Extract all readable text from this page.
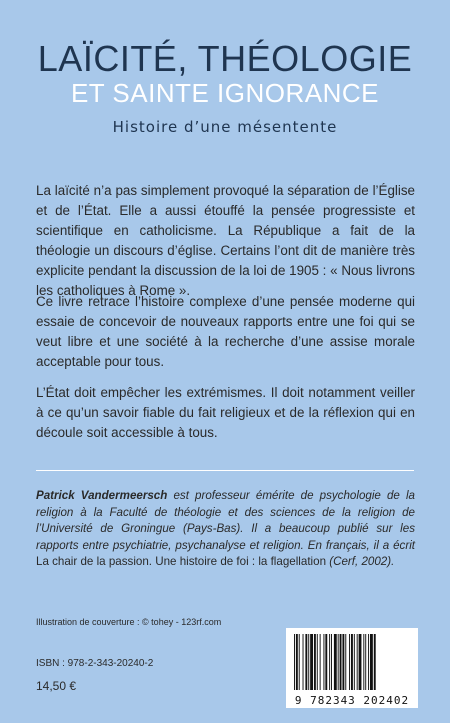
LAÏCITÉ, THÉOLOGIE
ET SAINTE IGNORANCE
Histoire d’une mésentente
La laïcité n’a pas simplement provoqué la séparation de l’Église et de l’État. Elle a aussi étouffé la pensée progressiste et scientifique en catholicisme. La République a fait de la théologie un discours d’église. Certains l’ont dit de manière très explicite pendant la discussion de la loi de 1905 : « Nous livrons les catholiques à Rome ».
Ce livre retrace l’histoire complexe d’une pensée moderne qui essaie de concevoir de nouveaux rapports entre une foi qui se veut libre et une société à la recherche d’une assise morale acceptable pour tous.
L’État doit empêcher les extrémismes. Il doit notamment veiller à ce qu’un savoir fiable du fait religieux et de la réflexion qui en découle soit accessible à tous.
Patrick Vandermeersch est professeur émérite de psychologie de la religion à la Faculté de théologie et des sciences de la religion de l’Université de Groningue (Pays-Bas). Il a beaucoup publié sur les rapports entre psychiatrie, psychanalyse et religion. En français, il a écrit La chair de la passion. Une histoire de foi : la flagellation (Cerf, 2002).
Illustration de couverture : © tohey - 123rf.com
ISBN : 978-2-343-20240-2
14,50 €
9 782343 202402
